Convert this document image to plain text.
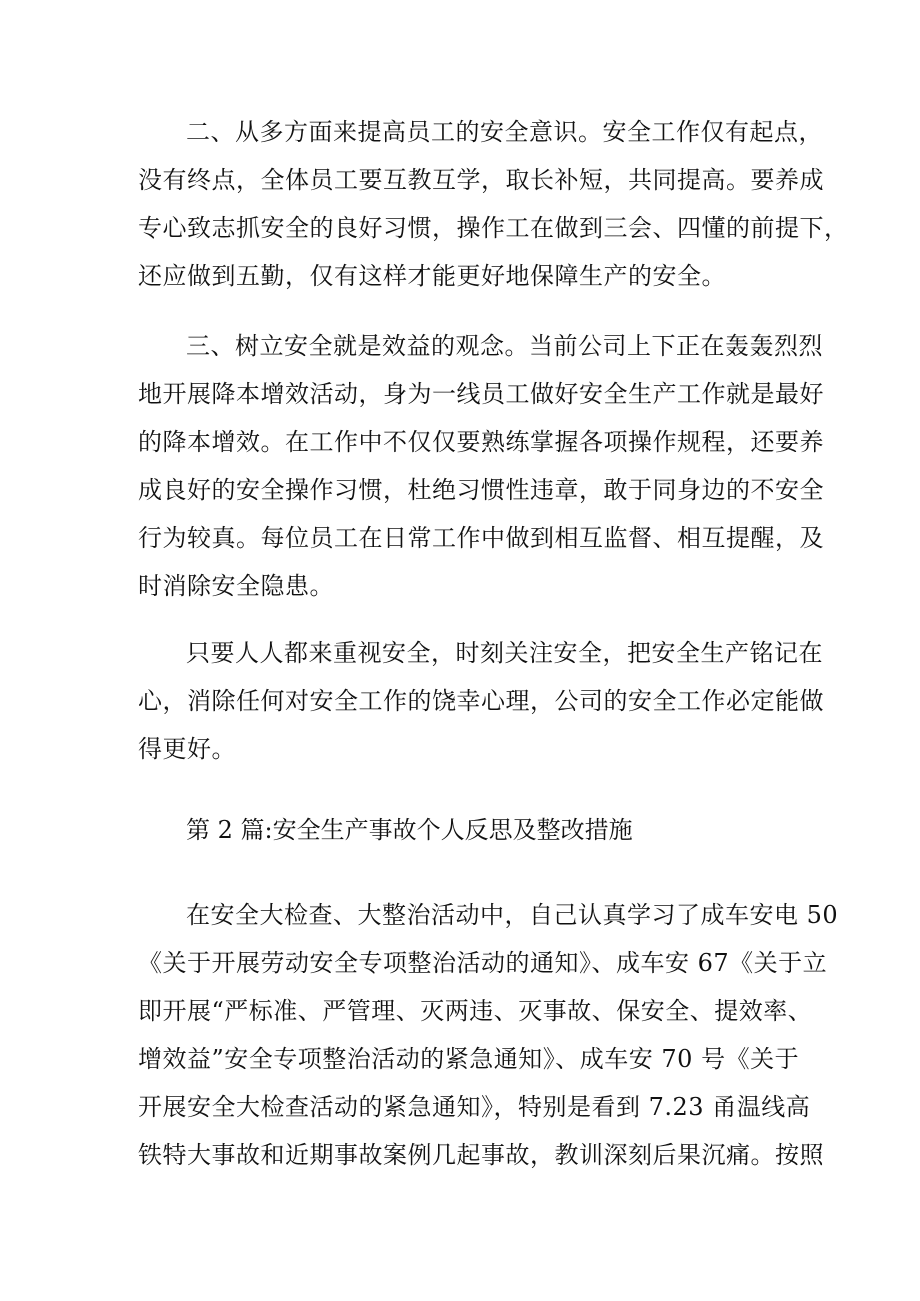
二、从多方面来提高员工的安全意识。安全工作仅有起点，
没有终点，全体员工要互教互学，取长补短，共同提高。要养成
专心致志抓安全的良好习惯，操作工在做到三会、四懂的前提下，
还应做到五勤，仅有这样才能更好地保障生产的安全。
三、树立安全就是效益的观念。当前公司上下正在轰轰烈烈
地开展降本增效活动，身为一线员工做好安全生产工作就是最好
的降本增效。在工作中不仅仅要熟练掌握各项操作规程，还要养
成良好的安全操作习惯，杜绝习惯性违章，敢于同身边的不安全
行为较真。每位员工在日常工作中做到相互监督、相互提醒，及
时消除安全隐患。
只要人人都来重视安全，时刻关注安全，把安全生产铭记在
心，消除任何对安全工作的饶幸心理，公司的安全工作必定能做
得更好。
第 2 篇:安全生产事故个人反思及整改措施
在安全大检查、大整治活动中，自己认真学习了成车安电 50
《关于开展劳动安全专项整治活动的通知》、成车安 67《关于立
即开展“严标准、严管理、灭两违、灭事故、保安全、提效率、
增效益”安全专项整治活动的紧急通知》、成车安 70 号《关于
开展安全大检查活动的紧急通知》，特别是看到 7.23 甬温线高
铁特大事故和近期事故案例几起事故，教训深刻后果沉痛。按照
